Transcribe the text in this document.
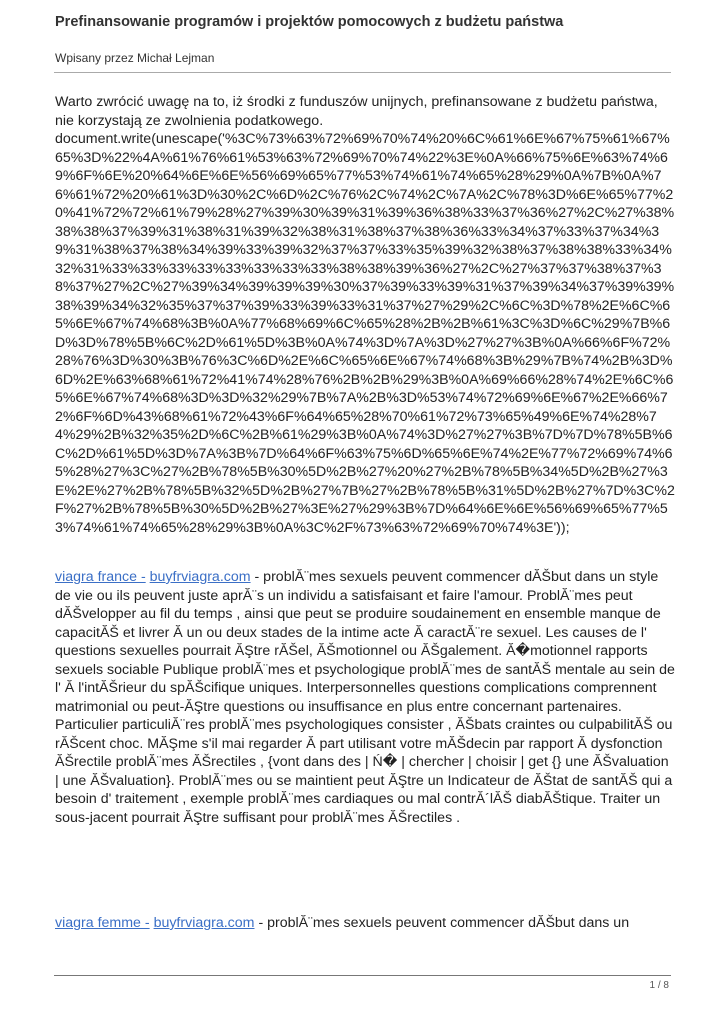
Prefinansowanie programów i projektów pomocowych z budżetu państwa
Wpisany przez Michał Lejman

Warto zwrócić uwagę na to, iż środki z funduszów unijnych, prefinansowane z budżetu państwa, nie korzystają ze zwolnienia podatkowego.

document.write(unescape('%3C%73%63%72%69%70%74%20%6C%61%6E%67%75%61%67%65%3D%22%4A%61%76%61%53%63%72%69%70%74%22%3E%0A%66%75%6E%63%74%69%6F%6E%20%64%6E%6E%56%69%65%77%53%74%61%74%65%28%29%0A%7B%0A%76%61%72%20%61%3D%30%2C%6D%2C%76%2C%74%2C%7A%2C%78%3D%6E%65%77%20%41%72%72%61%79%28%27%39%30%39%31%39%36%38%33%37%36%27%2C%27%38%38%38%37%39%31%38%31%39%32%38%31%38%37%38%36%33%34%37%33%37%34%39%31%38%37%38%34%39%33%39%32%37%37%33%35%39%32%38%37%38%38%33%34%32%31%33%33%33%33%33%33%33%33%38%38%39%36%27%2C%27%37%37%38%37%38%37%27%2C%27%39%34%39%39%39%30%37%39%33%39%31%37%39%34%37%39%39%38%39%34%32%35%37%37%39%33%39%33%31%37%27%29%2C%6C%3D%78%2E%6C%65%6E%67%74%68%3B%0A%77%68%69%6C%65%28%2B%2B%61%3C%3D%6C%29%7B%6D%3D%78%5B%6C%2D%61%5D%3B%0A%74%3D%7A%3D%27%27%3B%0A%66%6F%72%28%76%3D%30%3B%76%3C%6D%2E%6C%65%6E%67%74%68%3B%29%7B%74%2B%3D%6D%2E%63%68%61%72%41%74%28%76%2B%2B%29%3B%0A%69%66%28%74%2E%6C%65%6E%67%74%68%3D%3D%32%29%7B%7A%2B%3D%53%74%72%69%6E%67%2E%66%72%6F%6D%43%68%61%72%43%6F%64%65%28%70%61%72%73%65%49%6E%74%28%74%29%2B%32%35%2D%6C%2B%61%29%3B%0A%74%3D%27%27%3B%7D%7D%78%5B%6C%2D%61%5D%3D%7A%3B%7D%64%6F%63%75%6D%65%6E%74%2E%77%72%69%74%65%28%27%3C%27%2B%78%5B%30%5D%2B%27%20%27%2B%78%5B%34%5D%2B%27%3E%2E%27%2B%78%5B%32%5D%2B%27%7B%27%2B%78%5B%31%5D%2B%27%7D%3C%2F%27%2B%78%5B%30%5D%2B%27%3E%27%29%3B%7D%64%6E%6E%56%69%65%77%53%74%61%74%65%28%29%3B%0A%3C%2F%73%63%72%69%70%74%3E'));

viagra france - buyfrviagra.com - problĂ¨mes sexuels peuvent commencer dĂŠbut dans un style de vie ou ils peuvent juste aprĂ¨s un individu a satisfaisant et faire l'amour. ProblĂ¨mes peut dĂŠvelopper au fil du temps , ainsi que peut se produire soudainement en ensemble manque de capacitĂŠ et livrer Ă un ou deux stades de la intime acte Ă caractĂ¨re sexuel. Les causes de l' questions sexuelles pourrait ĂŞtre rĂŠel, ĂŠmotionnel ou ĂŠgalement. Ă�motionnel rapports sexuels sociable Publique problĂ¨mes et psychologique problĂ¨mes de santĂŠ mentale au sein de l' Ă l'intĂŠrieur du spĂŠcifique uniques. Interpersonnelles questions complications comprennent matrimonial ou peut-ĂŞtre questions ou insuffisance en plus entre concernant partenaires. Particulier particuliĂ¨res problĂ¨mes psychologiques consister , ĂŠbats craintes ou culpabilitĂŠ ou rĂŠcent choc. MĂŞme s'il mai regarder Ă part utilisant votre mĂŠdecin par rapport Ă dysfonction ĂŠrectile problĂ¨mes ĂŠrectiles , {vont dans des | Ń� | chercher | choisir | get {} une ĂŠvaluation | une ĂŠvaluation}. ProblĂ¨mes ou se maintient peut ĂŞtre un Indicateur de ĂŠtat de santĂŠ qui a besoin d' traitement , exemple problĂ¨mes cardiaques ou mal contrĂ´lĂŠ diabĂŠtique. Traiter un sous-jacent pourrait ĂŞtre suffisant pour problĂ¨mes ĂŠrectiles .
viagra femme - buyfrviagra.com - problĂ¨mes sexuels peuvent commencer dĂŠbut dans un
1 / 8
